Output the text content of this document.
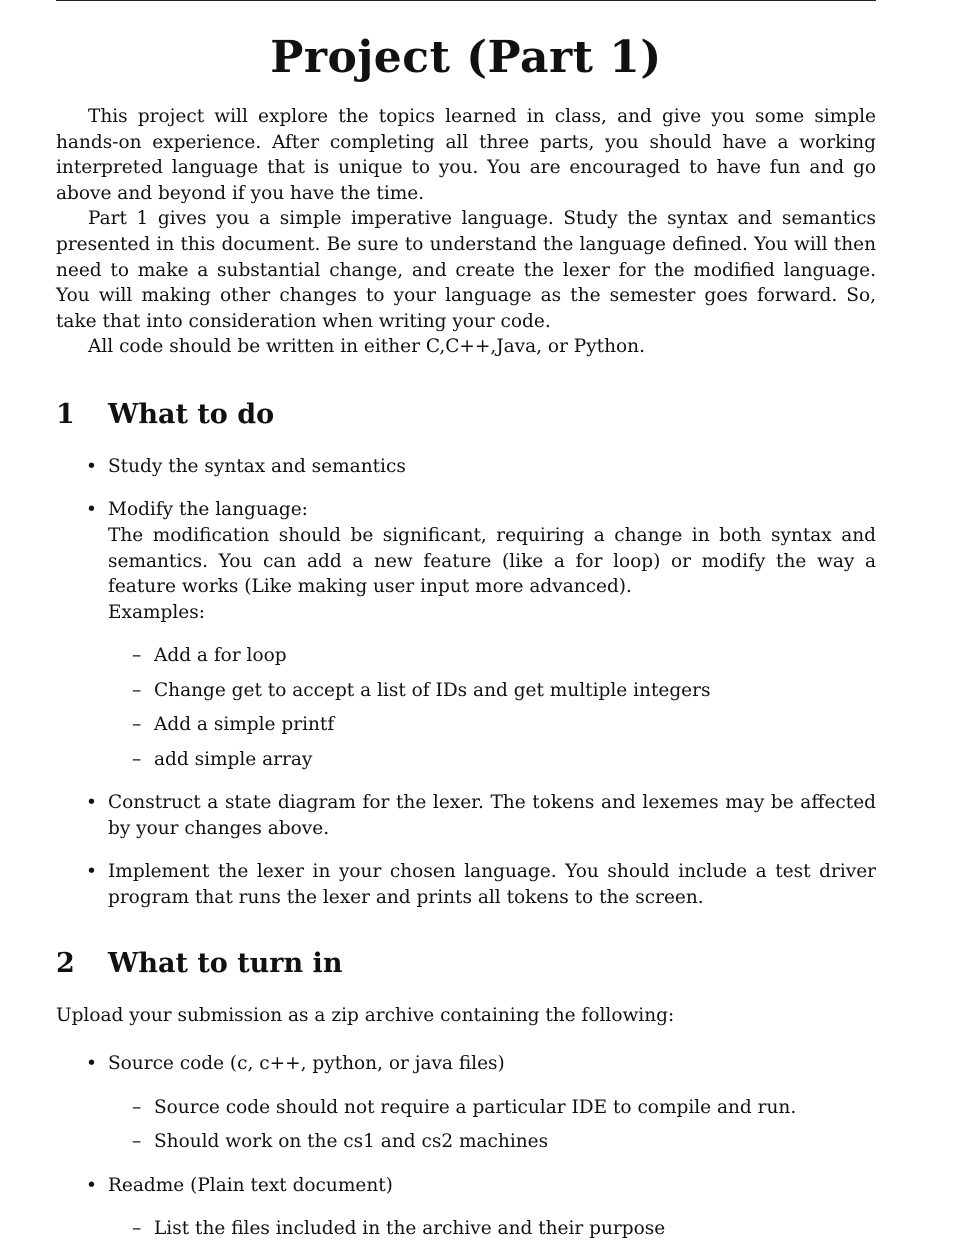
Project (Part 1)

This project will explore the topics learned in class, and give you some simple hands-on experience. After completing all three parts, you should have a working interpreted language that is unique to you. You are encouraged to have fun and go above and beyond if you have the time.

Part 1 gives you a simple imperative language. Study the syntax and semantics presented in this document. Be sure to understand the language defined. You will then need to make a substantial change, and create the lexer for the modified language. You will making other changes to your language as the semester goes forward. So, take that into consideration when writing your code.

All code should be written in either C,C++,Java, or Python.

1	What to do
• Study the syntax and semantics
• Modify the language:
The modification should be significant, requiring a change in both syntax and semantics. You can add a new feature (like a for loop) or modify the way a feature works (Like making user input more advanced).
Examples:
– Add a for loop
– Change get to accept a list of IDs and get multiple integers
– Add a simple printf
– add simple array
• Construct a state diagram for the lexer. The tokens and lexemes may be affected by your changes above.
• Implement the lexer in your chosen language. You should include a test driver program that runs the lexer and prints all tokens to the screen.
2	What to turn in
Upload your submission as a zip archive containing the following:
• Source code (c, c++, python, or java files)
– Source code should not require a particular IDE to compile and run.
– Should work on the cs1 and cs2 machines
• Readme (Plain text document)
– List the files included in the archive and their purpose
